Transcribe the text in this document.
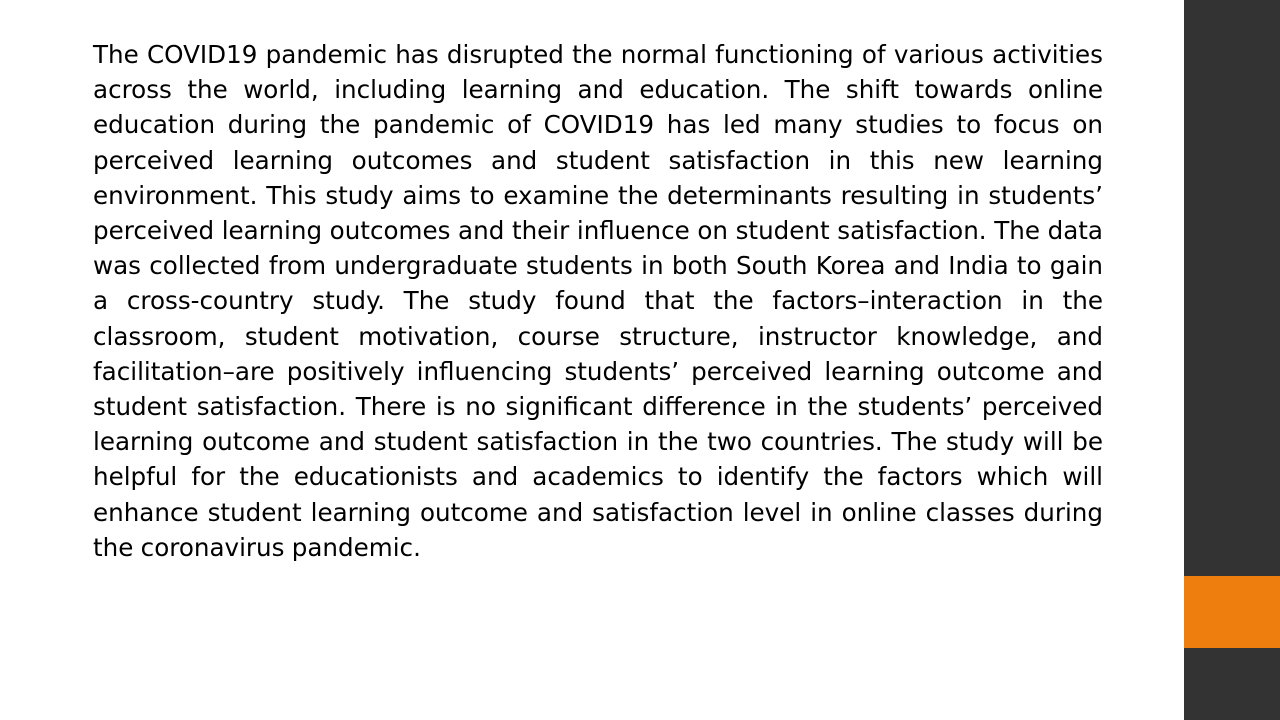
The COVID19 pandemic has disrupted the normal functioning of various activities across the world, including learning and education. The shift towards online education during the pandemic of COVID19 has led many studies to focus on perceived learning outcomes and student satisfaction in this new learning environment. This study aims to examine the determinants resulting in students’ perceived learning outcomes and their influence on student satisfaction. The data was collected from undergraduate students in both South Korea and India to gain a cross-country study. The study found that the factors–interaction in the classroom, student motivation, course structure, instructor knowledge, and facilitation–are positively influencing students’ perceived learning outcome and student satisfaction. There is no significant difference in the students’ perceived learning outcome and student satisfaction in the two countries. The study will be helpful for the educationists and academics to identify the factors which will enhance student learning outcome and satisfaction level in online classes during the coronavirus pandemic.
